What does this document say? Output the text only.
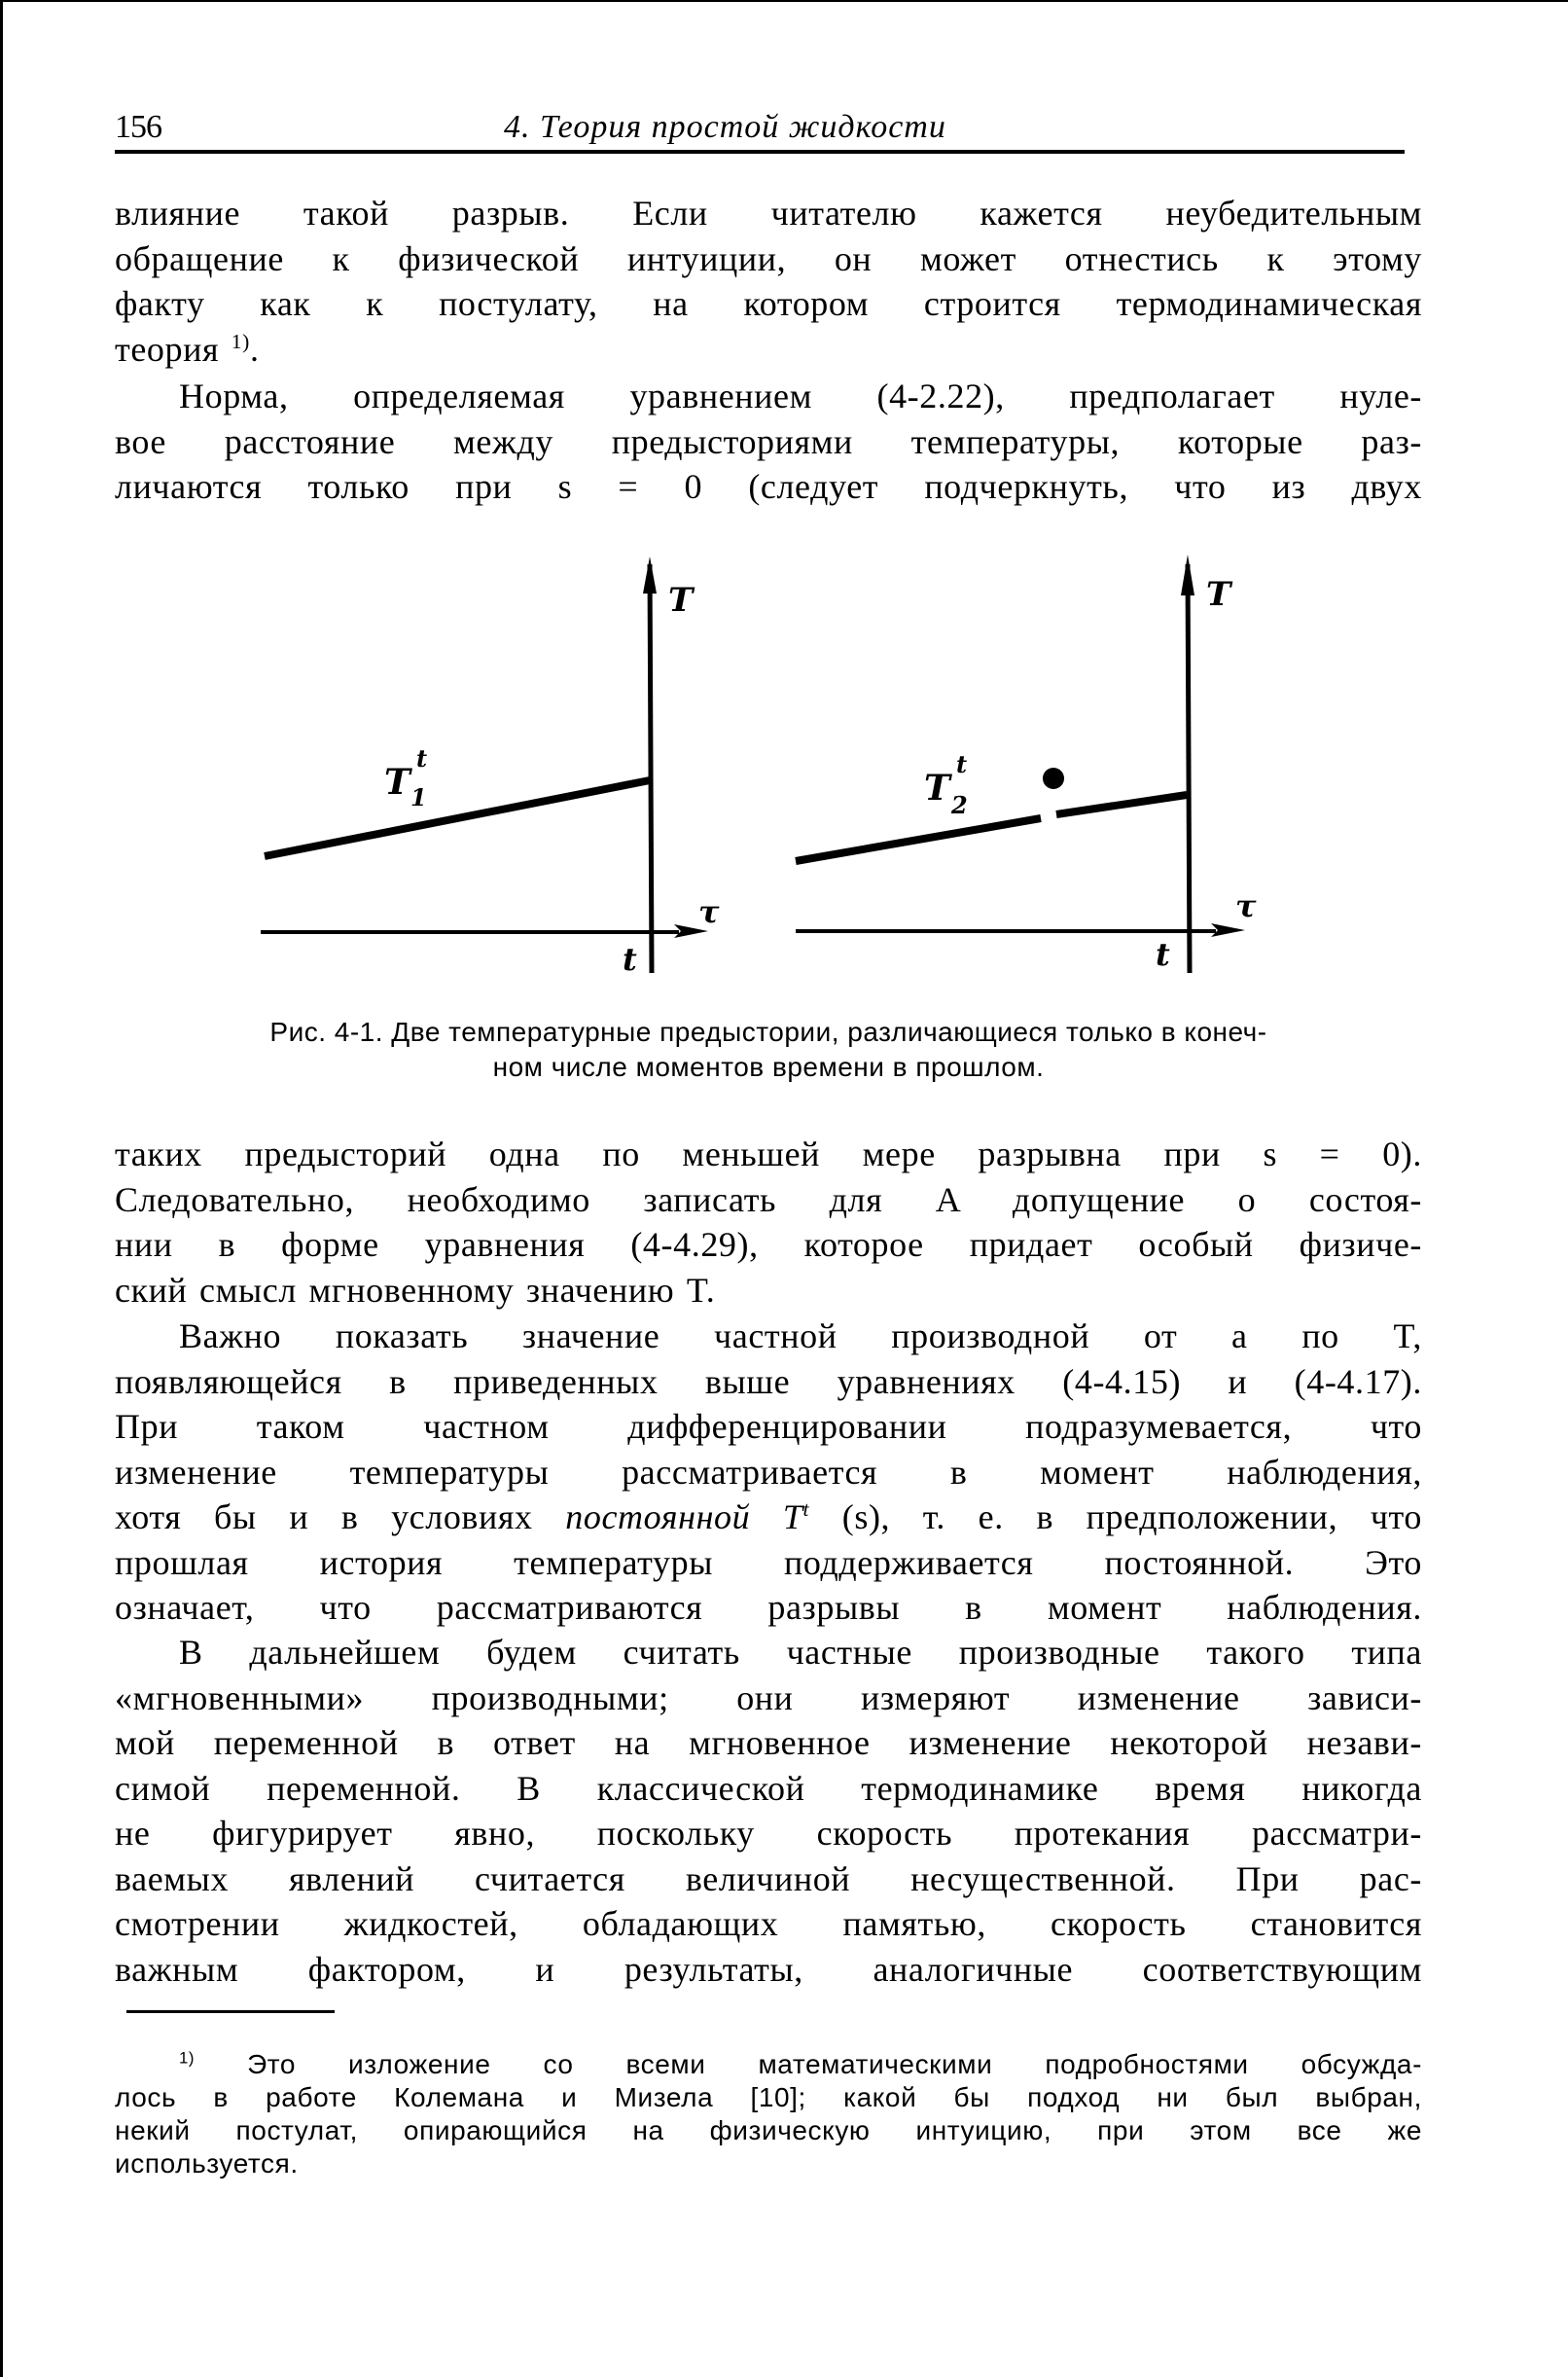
156	4. Теория простой жидкости
влияние такой разрыв. Если читателю кажется неубедительным
обращение к физической интуиции, он может отнестись к этому
факту как к постулату, на котором строится термодинамическая
теория $^{1)}$.
Норма, определяемая уравнением (4-2.22), предполагает нуле-
вое расстояние между предысториями температуры, которые раз-
личаются только при s = 0 (следует подчеркнуть, что из двух
T
τ
t
T
t
1
T
τ
t
T
t
2
Рис. 4-1. Две температурные предыстории, различающиеся только в конеч-
ном числе моментов времени в прошлом.
таких предысторий одна по меньшей мере разрывна при s = 0).
Следовательно, необходимо записать для A допущение о состоя-
нии в форме уравнения (4-4.29), которое придает особый физиче-
ский смысл мгновенному значению T.
Важно показать значение частной производной от a по T,
появляющейся в приведенных выше уравнениях (4-4.15) и (4-4.17).
При таком частном дифференцировании подразумевается, что
изменение температуры рассматривается в момент наблюдения,
хотя бы и в условиях постоянной $T^t$ (s), т. е. в предположении, что
прошлая история температуры поддерживается постоянной. Это
означает, что рассматриваются разрывы в момент наблюдения.
В дальнейшем будем считать частные производные такого типа
«мгновенными» производными; они измеряют изменение зависи-
мой переменной в ответ на мгновенное изменение некоторой незави-
симой переменной. В классической термодинамике время никогда
не фигурирует явно, поскольку скорость протекания рассматри-
ваемых явлений считается величиной несущественной. При рас-
смотрении жидкостей, обладающих памятью, скорость становится
важным фактором, и результаты, аналогичные соответствующим
$^{1)}$ Это изложение со всеми математическими подробностями обсужда-
лось в работе Колемана и Мизела [10]; какой бы подход ни был выбран,
некий постулат, опирающийся на физическую интуицию, при этом все же
используется.
